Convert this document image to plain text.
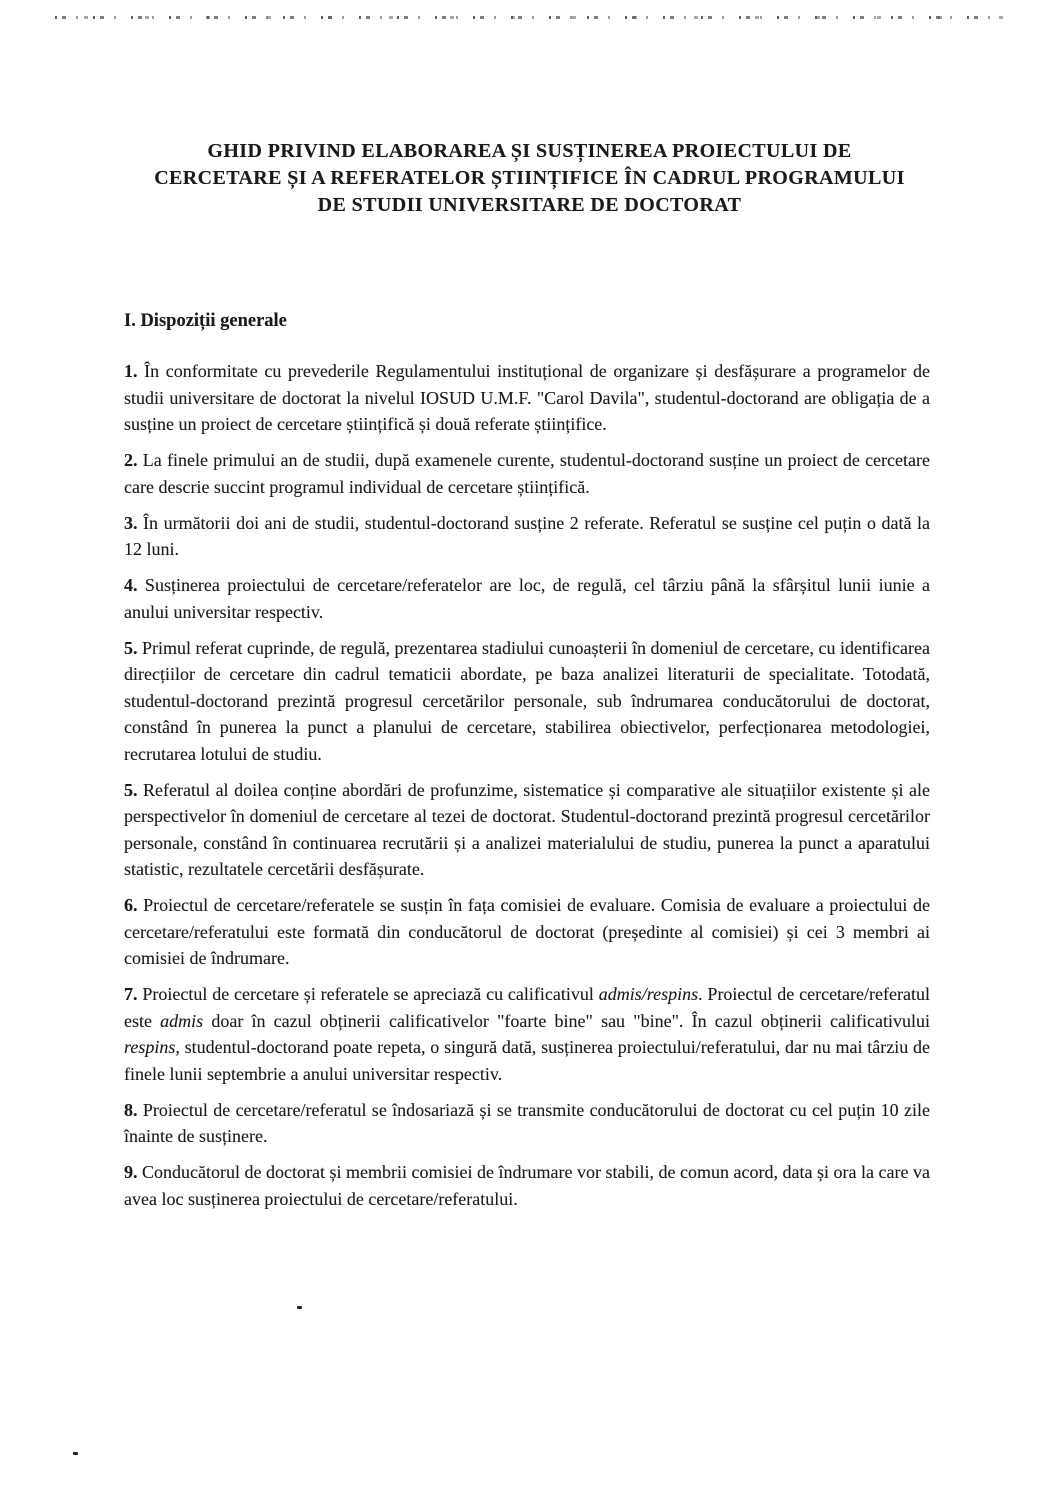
GHID PRIVIND ELABORAREA ȘI SUSȚINEREA PROIECTULUI DE
CERCETARE ȘI A REFERATELOR ȘTIINȚIFICE ÎN CADRUL PROGRAMULUI
DE STUDII UNIVERSITARE DE DOCTORAT
I. Dispoziții generale

1. În conformitate cu prevederile Regulamentului instituțional de organizare și desfășurare a programelor de studii universitare de doctorat la nivelul IOSUD U.M.F. "Carol Davila", studentul-doctorand are obligația de a susține un proiect de cercetare științifică și două referate științifice.

2. La finele primului an de studii, după examenele curente, studentul-doctorand susține un proiect de cercetare care descrie succint programul individual de cercetare științifică.

3. În următorii doi ani de studii, studentul-doctorand susține 2 referate. Referatul se susține cel puțin o dată la 12 luni.

4. Susținerea proiectului de cercetare/referatelor are loc, de regulă, cel târziu până la sfârșitul lunii iunie a anului universitar respectiv.

5. Primul referat cuprinde, de regulă, prezentarea stadiului cunoașterii în domeniul de cercetare, cu identificarea direcțiilor de cercetare din cadrul tematicii abordate, pe baza analizei literaturii de specialitate. Totodată, studentul-doctorand prezintă progresul cercetărilor personale, sub îndrumarea conducătorului de doctorat, constând în punerea la punct a planului de cercetare, stabilirea obiectivelor, perfecționarea metodologiei, recrutarea lotului de studiu.

5. Referatul al doilea conține abordări de profunzime, sistematice și comparative ale situațiilor existente și ale perspectivelor în domeniul de cercetare al tezei de doctorat. Studentul-doctorand prezintă progresul cercetărilor personale, constând în continuarea recrutării și a analizei materialului de studiu, punerea la punct a aparatului statistic, rezultatele cercetării desfășurate.

6. Proiectul de cercetare/referatele se susțin în fața comisiei de evaluare. Comisia de evaluare a proiectului de cercetare/referatului este formată din conducătorul de doctorat (președinte al comisiei) și cei 3 membri ai comisiei de îndrumare.

7. Proiectul de cercetare și referatele se apreciază cu calificativul admis/respins. Proiectul de cercetare/referatul este admis doar în cazul obținerii calificativelor "foarte bine" sau "bine". În cazul obținerii calificativului respins, studentul-doctorand poate repeta, o singură dată, susținerea proiectului/referatului, dar nu mai târziu de finele lunii septembrie a anului universitar respectiv.

8. Proiectul de cercetare/referatul se îndosariază și se transmite conducătorului de doctorat cu cel puțin 10 zile înainte de susținere.

9. Conducătorul de doctorat și membrii comisiei de îndrumare vor stabili, de comun acord, data și ora la care va avea loc susținerea proiectului de cercetare/referatului.
